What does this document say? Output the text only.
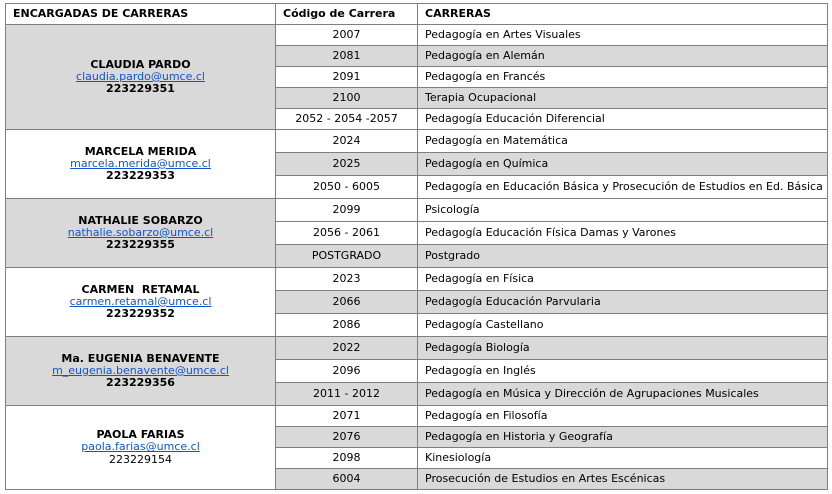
ENCARGADAS DE CARRERAS	Código de Carrera	CARRERAS

CLAUDIA PARDO
claudia.pardo@umce.cl
223229351	2007	Pedagogía en Artes Visuales
	2081	Pedagogía en Alemán
	2091	Pedagogía en Francés
	2100	Terapia Ocupacional
	2052 - 2054 -2057	Pedagogía Educación Diferencial

MARCELA MERIDA
marcela.merida@umce.cl
223229353	2024	Pedagogía en Matemática
	2025	Pedagogía en Química
	2050 - 6005	Pedagogía en Educación Básica y Prosecución de Estudios en Ed. Básica

NATHALIE SOBARZO
nathalie.sobarzo@umce.cl
223229355	2099	Psicología
	2056 - 2061	Pedagogía Educación Física Damas y Varones
	POSTGRADO	Postgrado

CARMEN  RETAMAL
carmen.retamal@umce.cl
223229352	2023	Pedagogía en Física
	2066	Pedagogía Educación Parvularia
	2086	Pedagogía Castellano

Ma. EUGENIA BENAVENTE
m_eugenia.benavente@umce.cl
223229356	2022	Pedagogía Biología
	2096	Pedagogía en Inglés
	2011 - 2012	Pedagogía en Música y Dirección de Agrupaciones Musicales

PAOLA FARIAS
paola.farias@umce.cl
223229154	2071	Pedagogía en Filosofía
	2076	Pedagogía en Historia y Geografía
	2098	Kinesiología
	6004	Prosecución de Estudios en Artes Escénicas
